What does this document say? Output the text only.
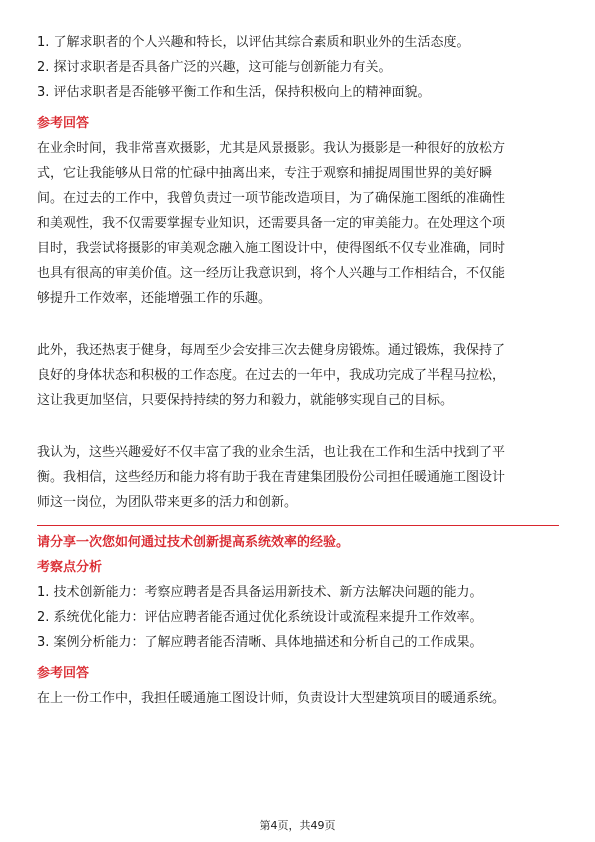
1. 了解求职者的个人兴趣和特长，以评估其综合素质和职业外的生活态度。
2. 探讨求职者是否具备广泛的兴趣，这可能与创新能力有关。
3. 评估求职者是否能够平衡工作和生活，保持积极向上的精神面貌。
参考回答
在业余时间，我非常喜欢摄影，尤其是风景摄影。我认为摄影是一种很好的放松方
式，它让我能够从日常的忙碌中抽离出来，专注于观察和捕捉周围世界的美好瞬
间。在过去的工作中，我曾负责过一项节能改造项目，为了确保施工图纸的准确性
和美观性，我不仅需要掌握专业知识，还需要具备一定的审美能力。在处理这个项
目时，我尝试将摄影的审美观念融入施工图设计中，使得图纸不仅专业准确，同时
也具有很高的审美价值。这一经历让我意识到，将个人兴趣与工作相结合，不仅能
够提升工作效率，还能增强工作的乐趣。
此外，我还热衷于健身，每周至少会安排三次去健身房锻炼。通过锻炼，我保持了
良好的身体状态和积极的工作态度。在过去的一年中，我成功完成了半程马拉松，
这让我更加坚信，只要保持持续的努力和毅力，就能够实现自己的目标。
我认为，这些兴趣爱好不仅丰富了我的业余生活，也让我在工作和生活中找到了平
衡。我相信，这些经历和能力将有助于我在青建集团股份公司担任暖通施工图设计
师这一岗位，为团队带来更多的活力和创新。
请分享一次您如何通过技术创新提高系统效率的经验。
考察点分析
1. 技术创新能力：考察应聘者是否具备运用新技术、新方法解决问题的能力。
2. 系统优化能力：评估应聘者能否通过优化系统设计或流程来提升工作效率。
3. 案例分析能力：了解应聘者能否清晰、具体地描述和分析自己的工作成果。
参考回答
在上一份工作中，我担任暖通施工图设计师，负责设计大型建筑项目的暖通系统。
第4页，共49页
